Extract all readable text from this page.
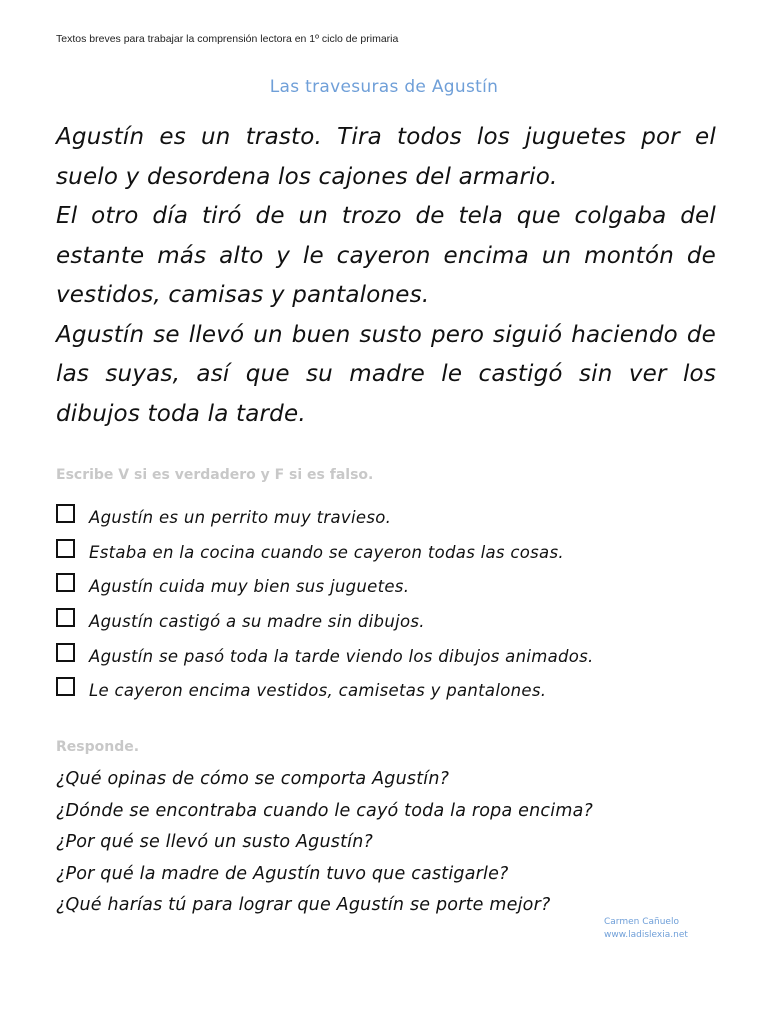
Textos breves para trabajar la comprensión lectora en 1º ciclo de primaria
Las travesuras de Agustín

Agustín es un trasto. Tira todos los juguetes por el suelo y desordena los cajones del armario.

El otro día tiró de un trozo de tela que colgaba del estante más alto y le cayeron encima un montón de vestidos, camisas y pantalones.

Agustín se llevó un buen susto pero siguió haciendo de las suyas, así que su madre le castigó sin ver los dibujos toda la tarde.

Escribe V si es verdadero y F si es falso.
Agustín es un perrito muy travieso.
Estaba en la cocina cuando se cayeron todas las cosas.
Agustín cuida muy bien sus juguetes.
Agustín castigó a su madre sin dibujos.
Agustín se pasó toda la tarde viendo los dibujos animados.
Le cayeron encima vestidos, camisetas y pantalones.
Responde.
¿Qué opinas de cómo se comporta Agustín?
¿Dónde se encontraba cuando le cayó toda la ropa encima?
¿Por qué se llevó un susto Agustín?
¿Por qué la madre de Agustín tuvo que castigarle?
¿Qué harías tú para lograr que Agustín se porte mejor?
Carmen Cañuelo
www.ladislexia.net
